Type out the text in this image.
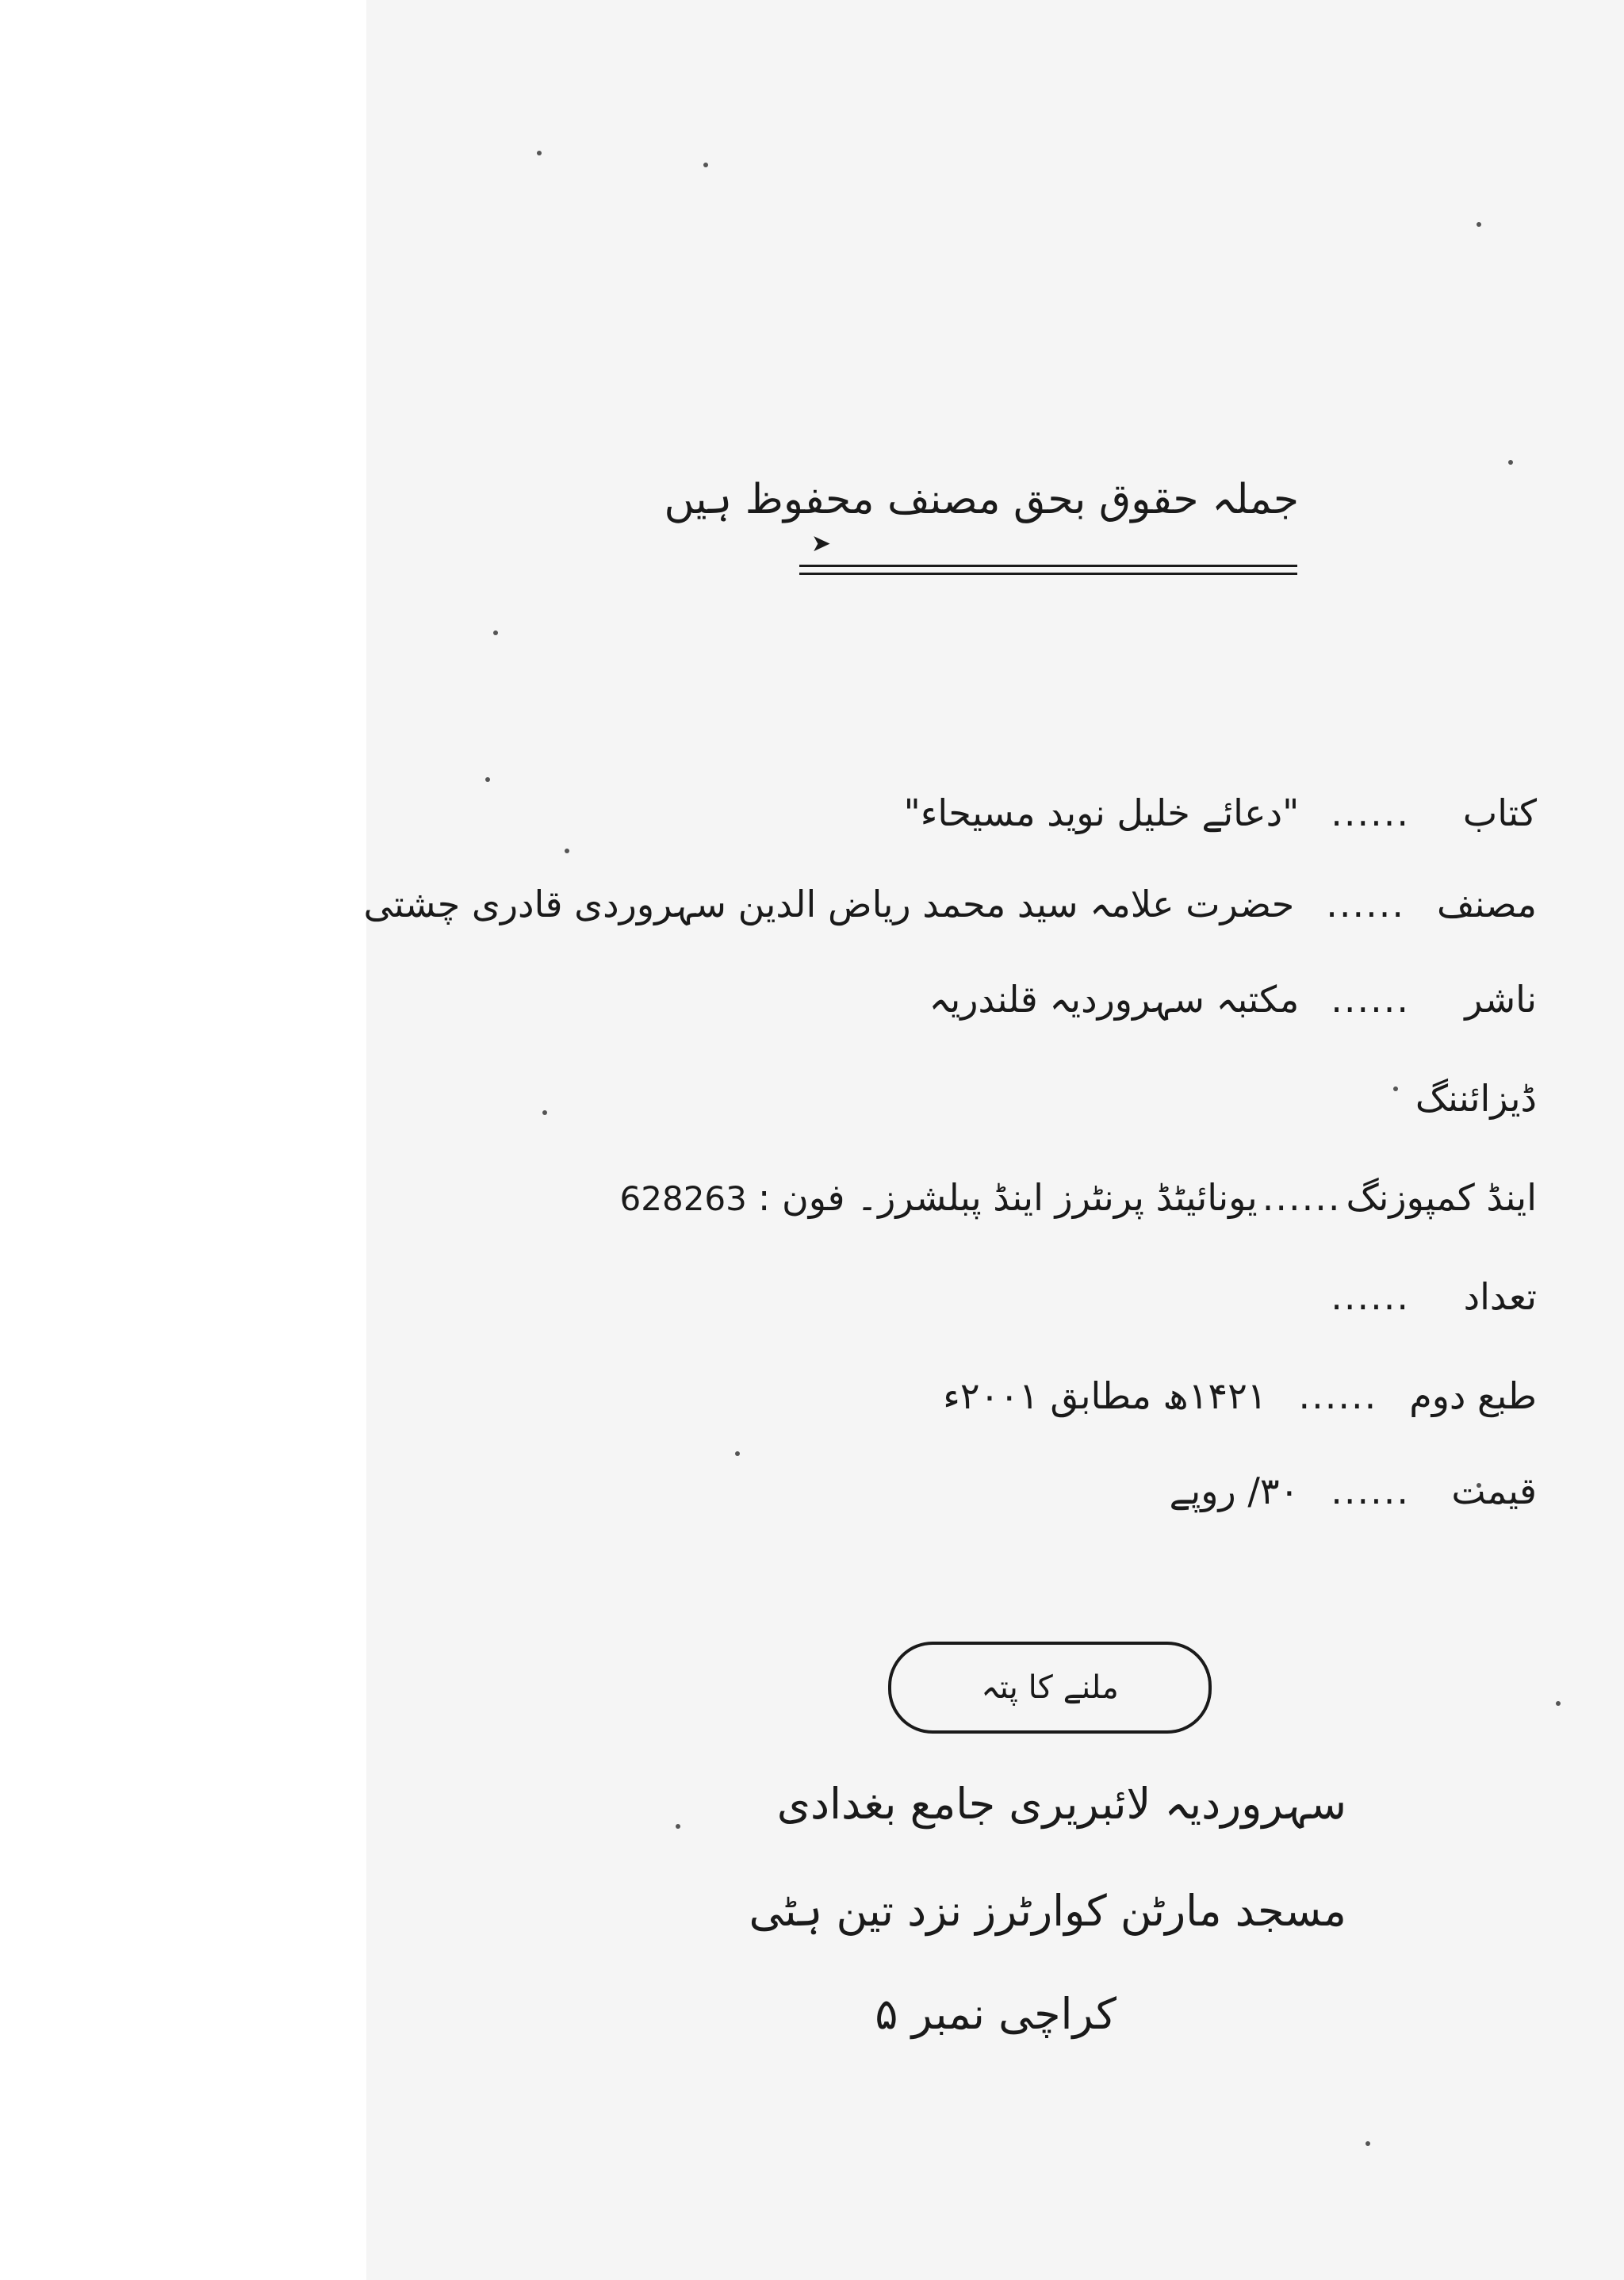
جملہ حقوق بحق مصنف محفوظ ہیں
➤
کتاب......"دعائے خلیل نوید مسیحاء"
مصنف......حضرت علامہ سید محمد ریاض الدین سہروردی قادری چشتی
ناشر......مکتبہ سہروردیہ قلندریہ
ڈیزائننگ
اینڈ کمپوزنگ......یونائیٹڈ پرنٹرز اینڈ پبلشرز۔ فون :628263
تعداد......
طبع دوم......۱۴۲۱ھ مطابق ۲۰۰۱ء
قیمت......۳۰/ روپے
ملنے کا پتہ
سہروردیہ لائبریری جامع بغدادی
مسجد مارٹن کوارٹرز نزد تین ہٹی
کراچی نمبر ۵
